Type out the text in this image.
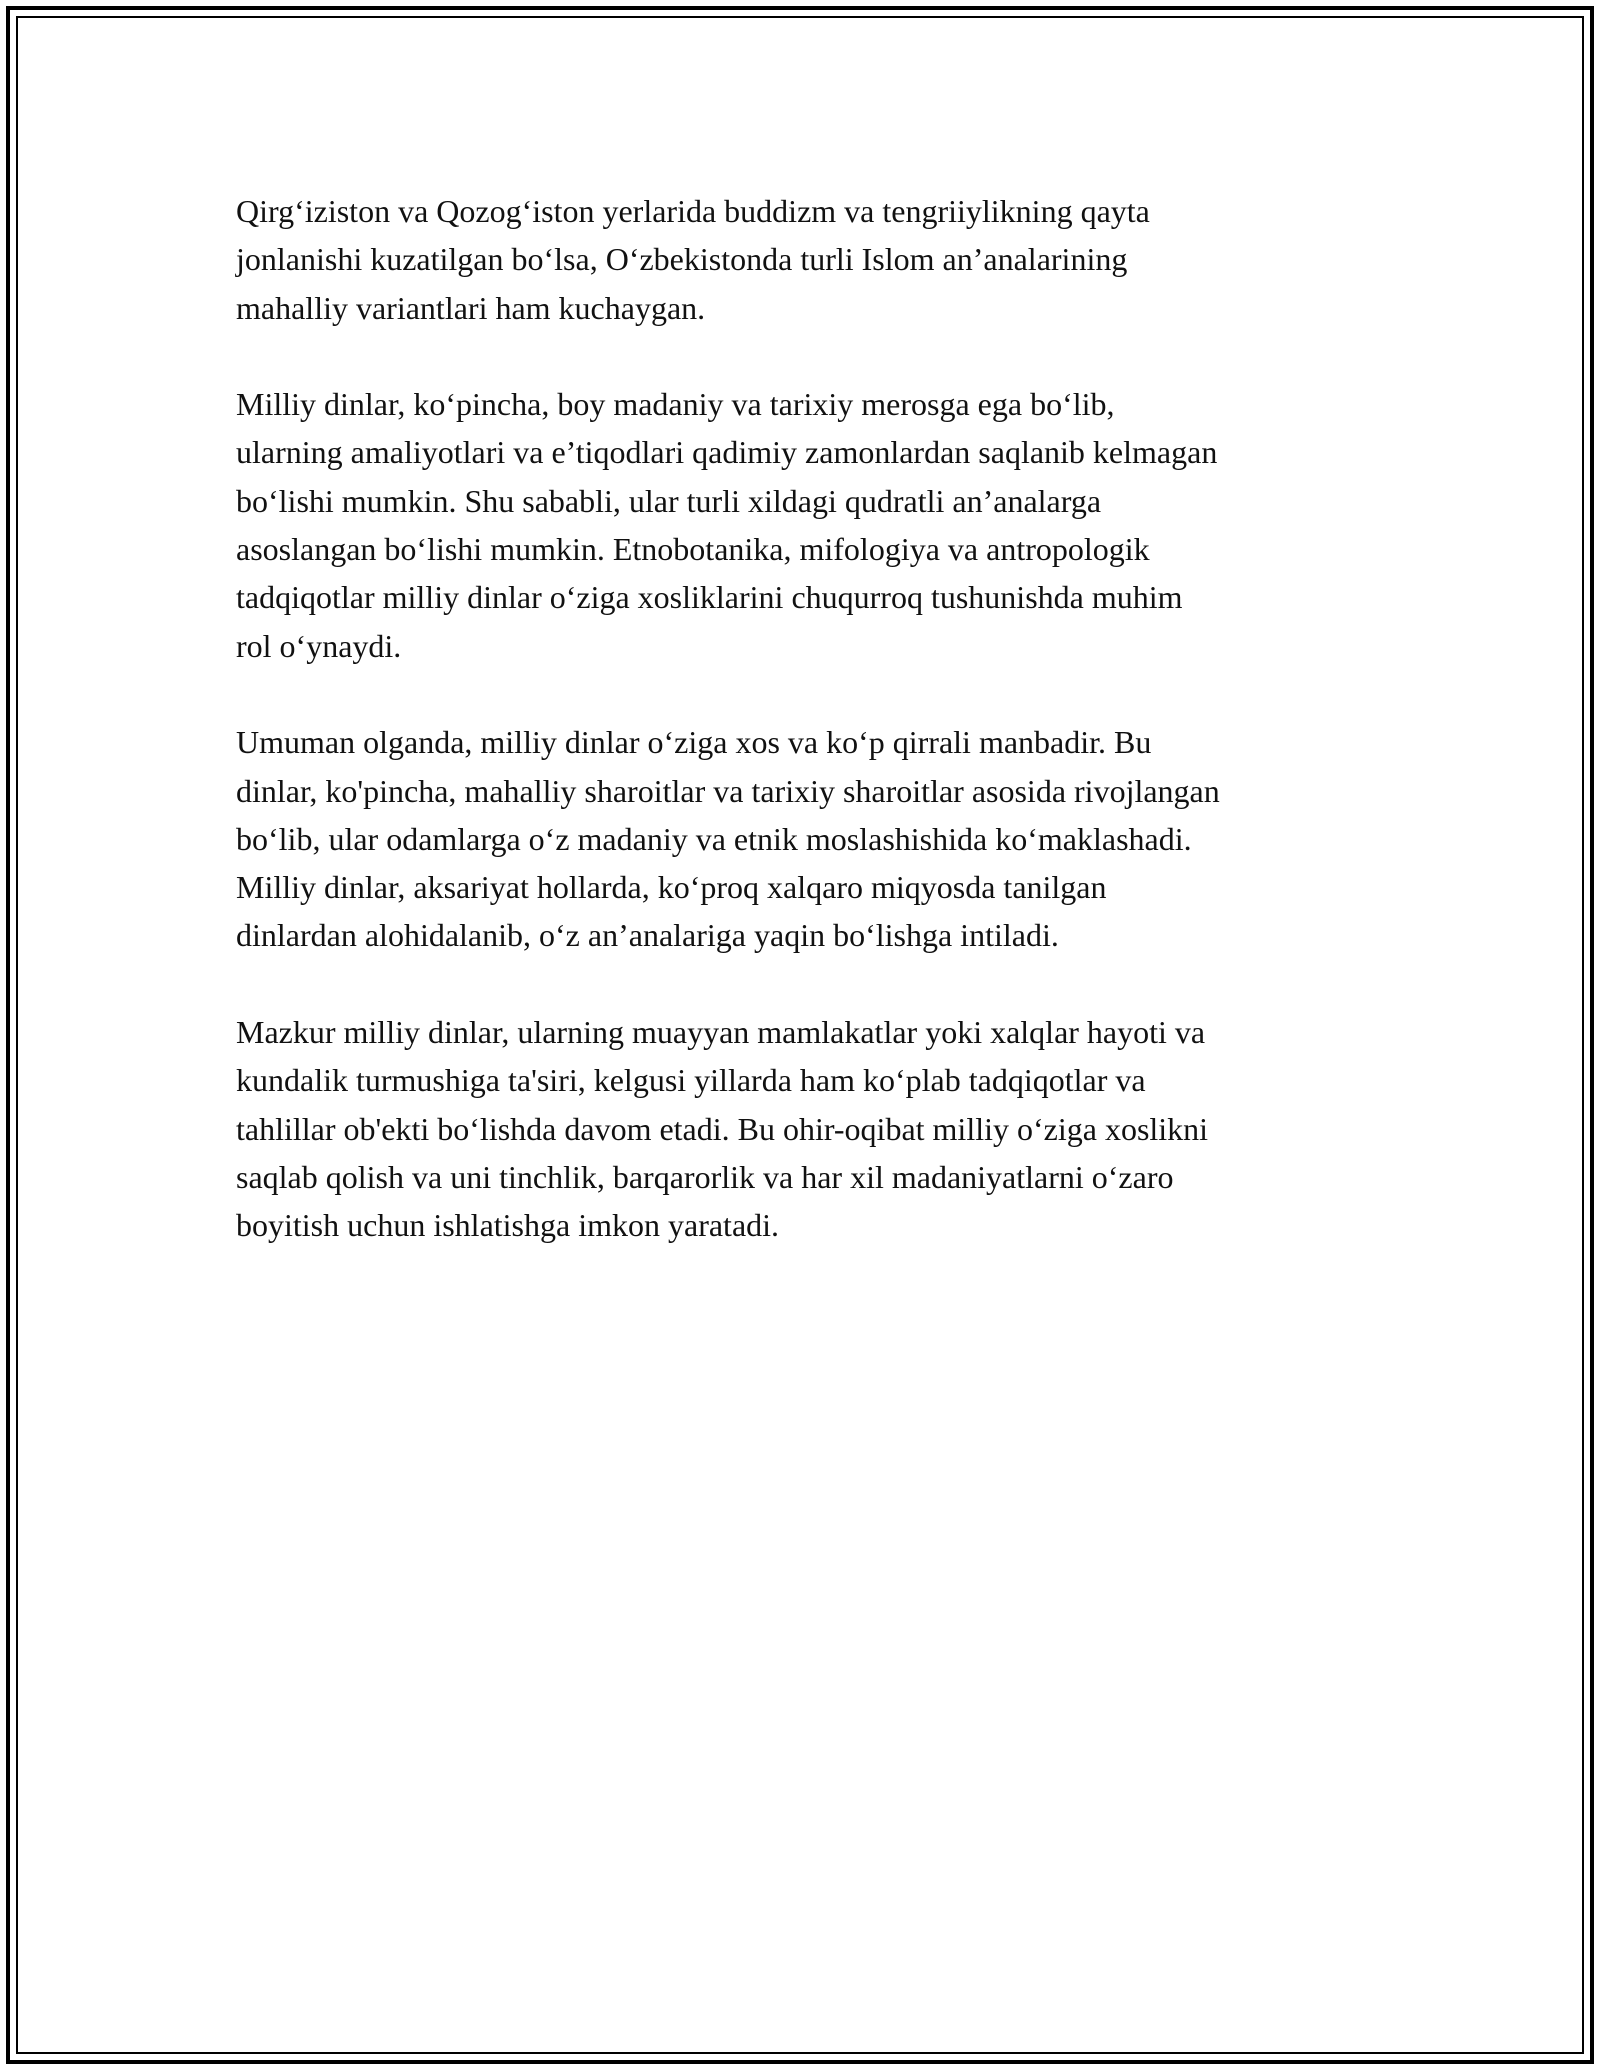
Qirg‘iziston va Qozog‘iston yerlarida buddizm va tengriiylikning qayta
jonlanishi kuzatilgan bo‘lsa, O‘zbekistonda turli Islom an’analarining
mahalliy variantlari ham kuchaygan.

Milliy dinlar, ko‘pincha, boy madaniy va tarixiy merosga ega bo‘lib,
ularning amaliyotlari va e’tiqodlari qadimiy zamonlardan saqlanib kelmagan
bo‘lishi mumkin. Shu sababli, ular turli xildagi qudratli an’analarga
asoslangan bo‘lishi mumkin. Etnobotanika, mifologiya va antropologik
tadqiqotlar milliy dinlar o‘ziga xosliklarini chuqurroq tushunishda muhim
rol o‘ynaydi.

Umuman olganda, milliy dinlar o‘ziga xos va ko‘p qirrali manbadir. Bu
dinlar, ko'pincha, mahalliy sharoitlar va tarixiy sharoitlar asosida rivojlangan
bo‘lib, ular odamlarga o‘z madaniy va etnik moslashishida ko‘maklashadi.
Milliy dinlar, aksariyat hollarda, ko‘proq xalqaro miqyosda tanilgan
dinlardan alohidalanib, o‘z an’analariga yaqin bo‘lishga intiladi.

Mazkur milliy dinlar, ularning muayyan mamlakatlar yoki xalqlar hayoti va
kundalik turmushiga ta'siri, kelgusi yillarda ham ko‘plab tadqiqotlar va
tahlillar ob'ekti bo‘lishda davom etadi. Bu ohir-oqibat milliy o‘ziga xoslikni
saqlab qolish va uni tinchlik, barqarorlik va har xil madaniyatlarni o‘zaro
boyitish uchun ishlatishga imkon yaratadi.
